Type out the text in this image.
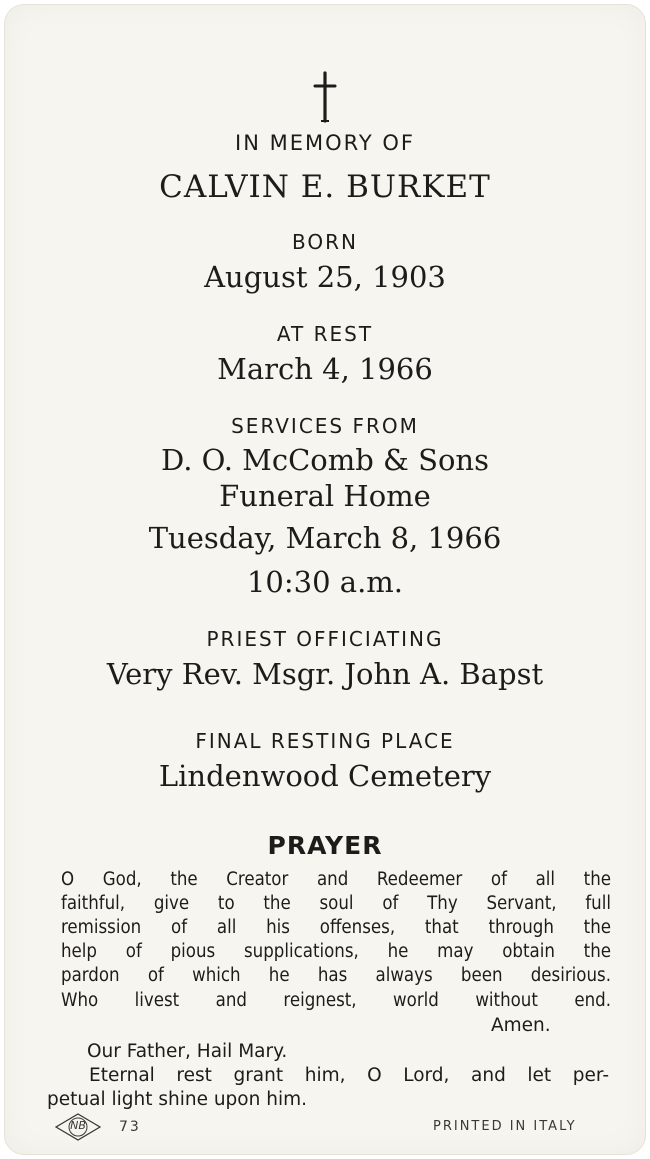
IN MEMORY OF
CALVIN E. BURKET
BORN
August 25, 1903
AT REST
March 4, 1966
SERVICES FROM
D. O. McComb & Sons
Funeral Home
Tuesday, March 8, 1966
10:30 a.m.
PRIEST OFFICIATING
Very Rev. Msgr. John A. Bapst
FINAL RESTING PLACE
Lindenwood Cemetery
PRAYER
O God, the Creator and Redeemer of all the
faithful, give to the soul of Thy Servant, full
remission of all his offenses, that through the
help of pious supplications, he may obtain the
pardon of which he has always been desirious.
Who livest and reignest, world without end.
Amen.
Our Father, Hail Mary.
Eternal rest grant him, O Lord, and let per-
petual light shine upon him.
NB	73	PRINTED IN ITALY
